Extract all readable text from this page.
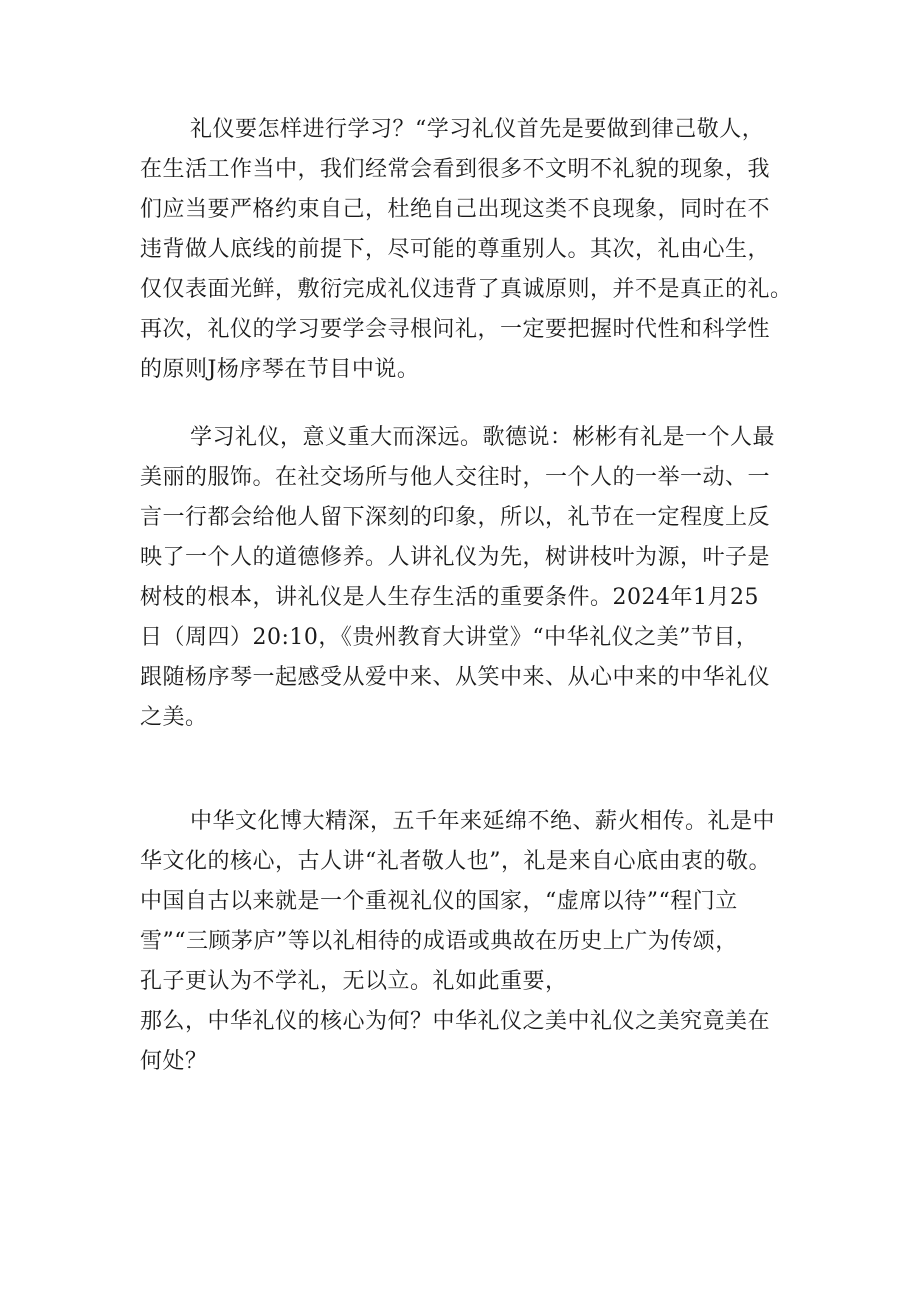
礼仪要怎样进行学习？“学习礼仪首先是要做到律己敬人，
在生活工作当中，我们经常会看到很多不文明不礼貌的现象，我
们应当要严格约束自己，杜绝自己出现这类不良现象，同时在不
违背做人底线的前提下，尽可能的尊重别人。其次，礼由心生，
仅仅表面光鲜，敷衍完成礼仪违背了真诚原则，并不是真正的礼。
再次，礼仪的学习要学会寻根问礼，一定要把握时代性和科学性
的原则J杨序琴在节目中说。
学习礼仪，意义重大而深远。歌德说：彬彬有礼是一个人最
美丽的服饰。在社交场所与他人交往时，一个人的一举一动、一
言一行都会给他人留下深刻的印象，所以，礼节在一定程度上反
映了一个人的道德修养。人讲礼仪为先，树讲枝叶为源，叶子是
树枝的根本，讲礼仪是人生存生活的重要条件。2024年1月25
日（周四）20:10，《贵州教育大讲堂》“中华礼仪之美”节目，
跟随杨序琴一起感受从爱中来、从笑中来、从心中来的中华礼仪
之美。
中华文化博大精深，五千年来延绵不绝、薪火相传。礼是中
华文化的核心，古人讲“礼者敬人也”，礼是来自心底由衷的敬。
中国自古以来就是一个重视礼仪的国家，“虚席以待”“程门立
雪”“三顾茅庐”等以礼相待的成语或典故在历史上广为传颂，
孔子更认为不学礼，无以立。礼如此重要，
那么，中华礼仪的核心为何？中华礼仪之美中礼仪之美究竟美在
何处？
